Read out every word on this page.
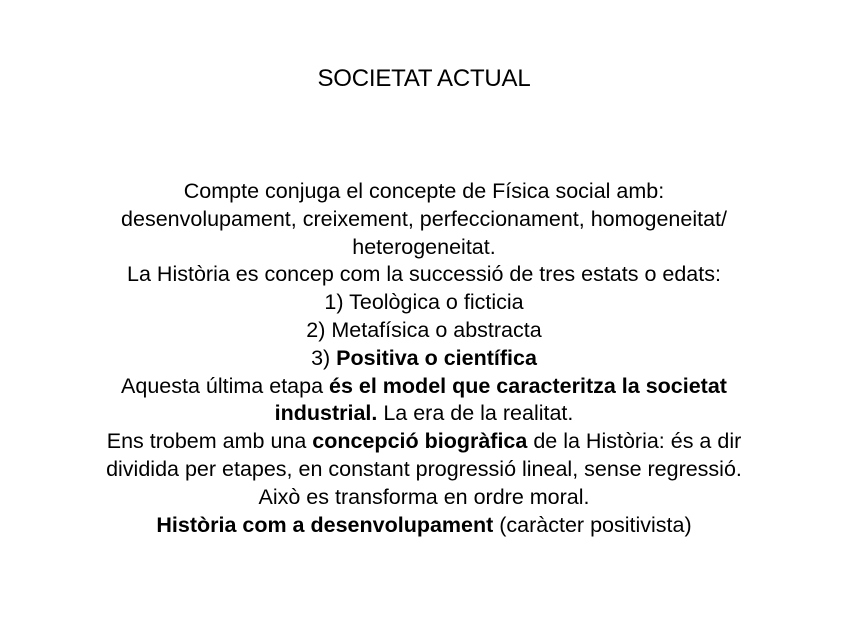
SOCIETAT ACTUAL
Compte conjuga el concepte de Física social amb:
desenvolupament, creixement, perfeccionament, homogeneitat/
heterogeneitat.
La Història es concep com la successió de tres estats o edats:
1) Teològica o ficticia
2) Metafísica o abstracta
3) Positiva o científica
Aquesta última etapa és el model que caracteritza la societat
industrial. La era de la realitat.
Ens trobem amb una concepció biogràfica de la Història: és a dir
dividida per etapes, en constant progressió lineal, sense regressió.
Això es transforma en ordre moral.
Història com a desenvolupament (caràcter positivista)
